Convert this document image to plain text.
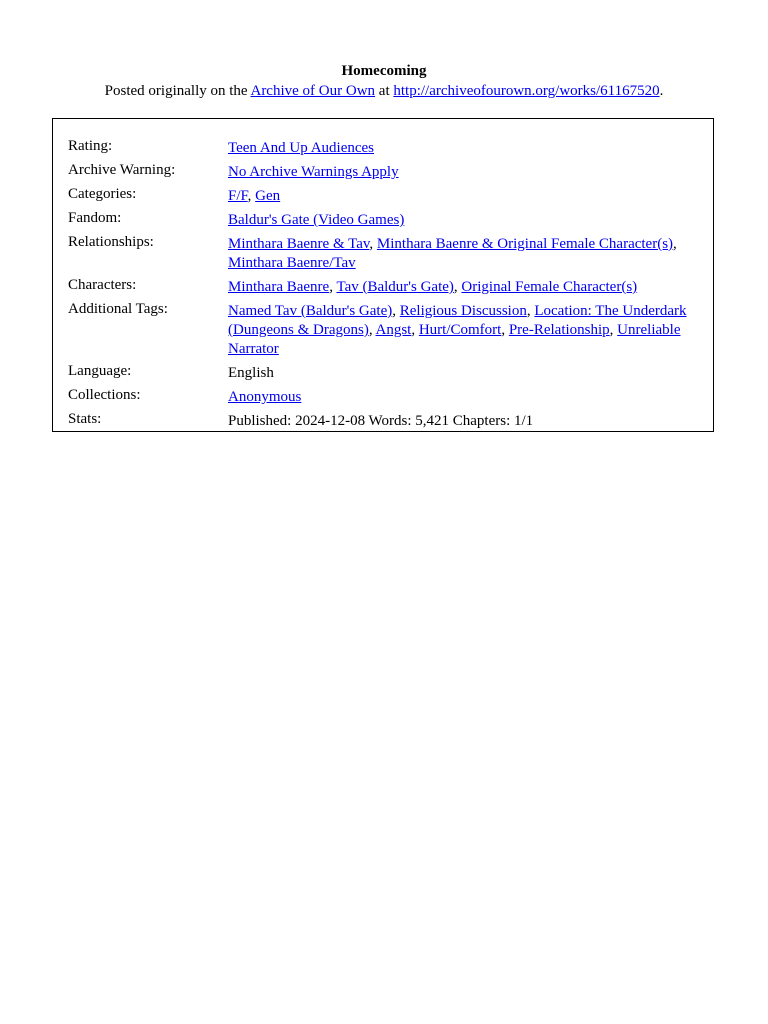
Homecoming
Posted originally on the Archive of Our Own at http://archiveofourown.org/works/61167520.
Rating:	Teen And Up Audiences
Archive Warning:	No Archive Warnings Apply
Categories:	F/F, Gen
Fandom:	Baldur's Gate (Video Games)
Relationships:	Minthara Baenre & Tav, Minthara Baenre & Original Female Character(s), Minthara Baenre/Tav
Characters:	Minthara Baenre, Tav (Baldur's Gate), Original Female Character(s)
Additional Tags:	Named Tav (Baldur's Gate), Religious Discussion, Location: The Underdark (Dungeons & Dragons), Angst, Hurt/Comfort, Pre-Relationship, Unreliable Narrator
Language:	English
Collections:	Anonymous
Stats:	Published: 2024-12-08 Words: 5,421 Chapters: 1/1
